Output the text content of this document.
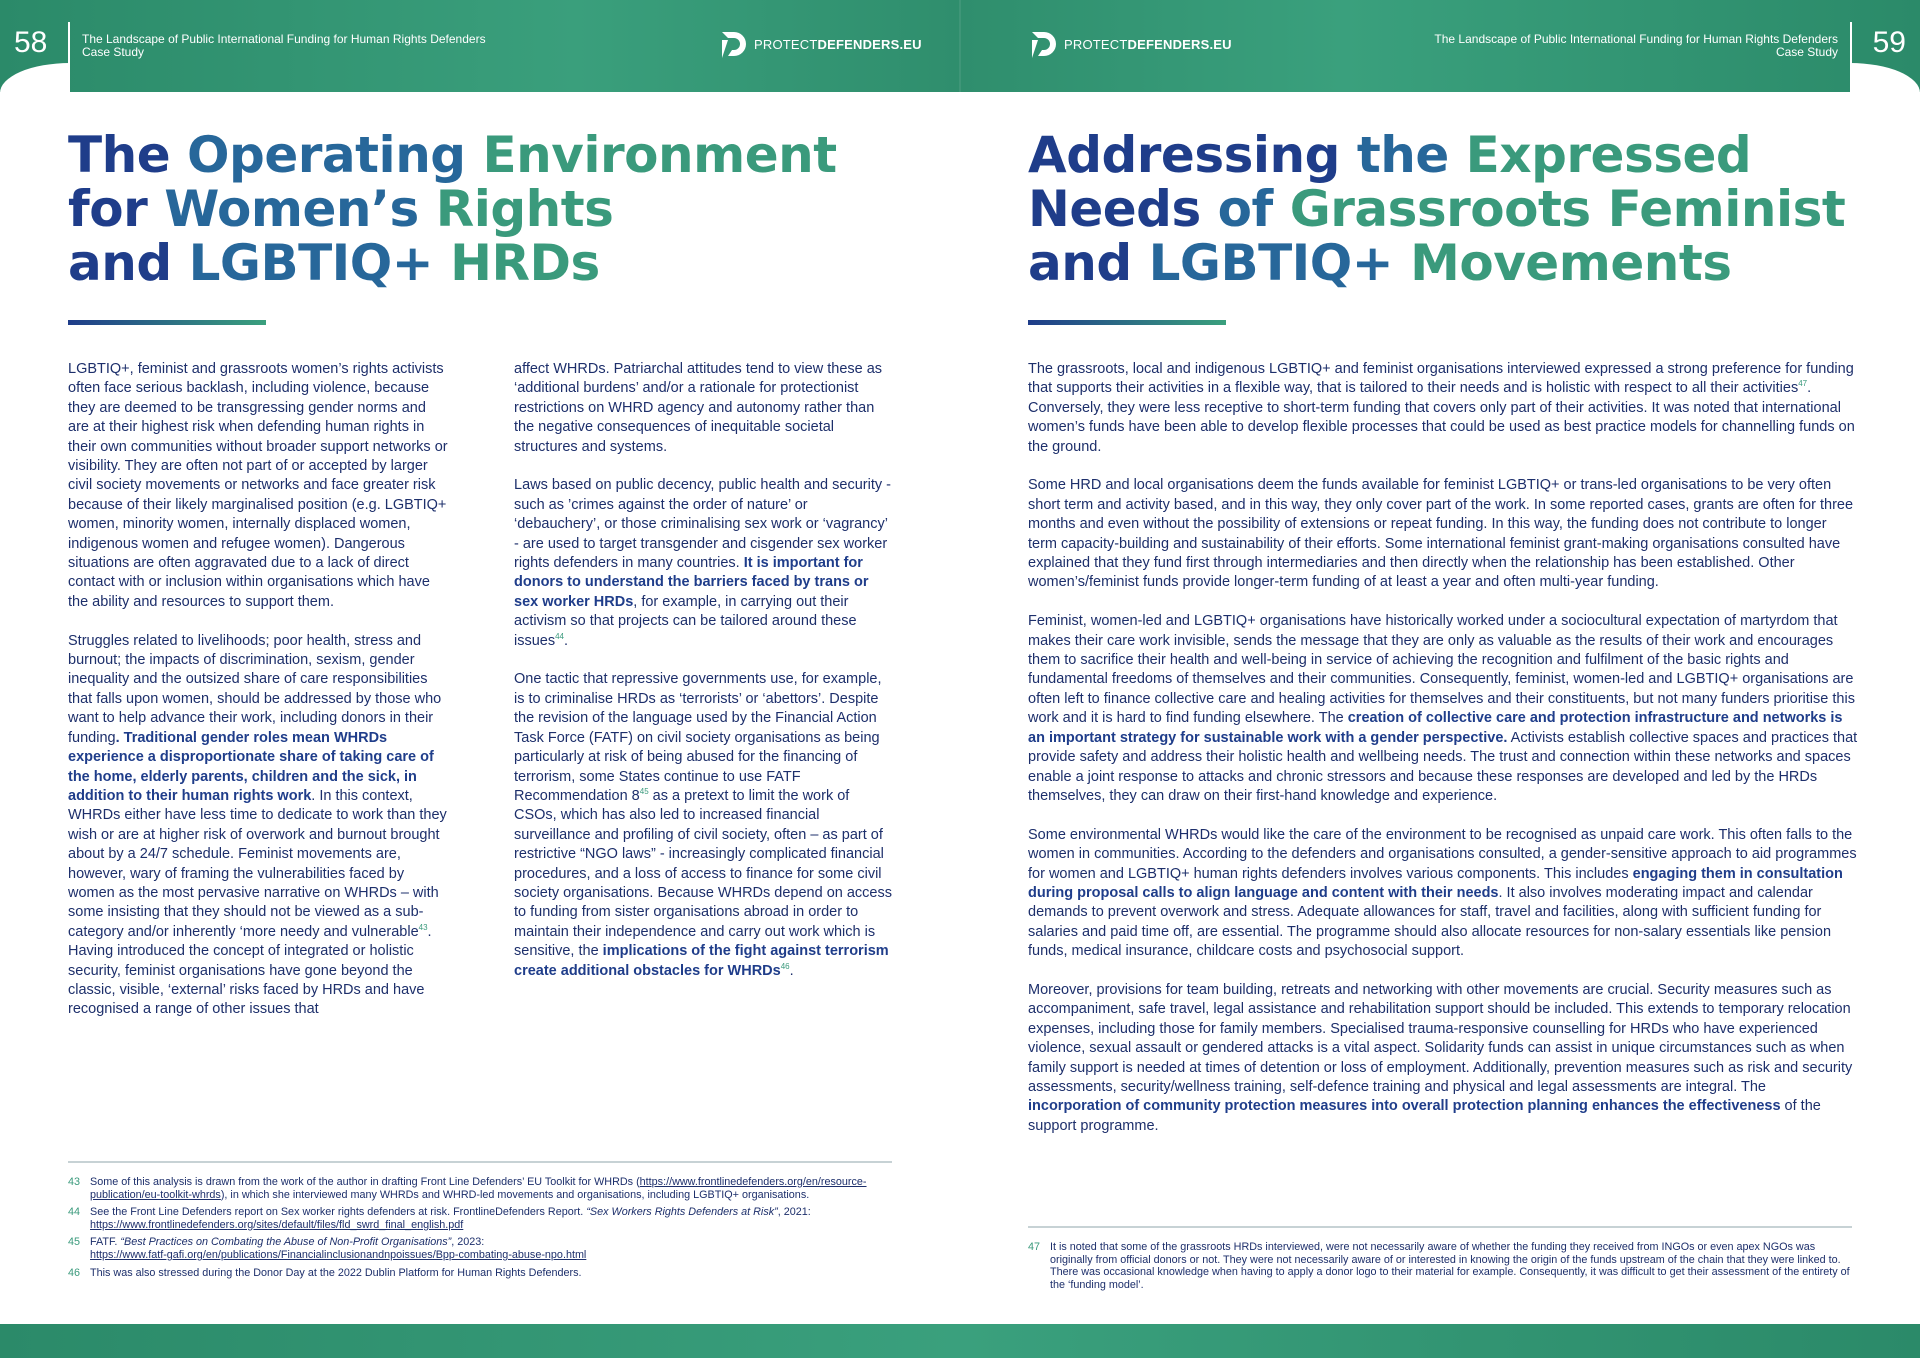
58	The Landscape of Public International Funding for Human Rights Defenders
Case Study
PROTECTDEFENDERS.EU	PROTECTDEFENDERS.EU	The Landscape of Public International Funding for Human Rights Defenders
Case Study 59
The Operating Environment
for Women’s Rights
and LGBTIQ+ HRDs
Addressing the Expressed
Needs of Grassroots Feminist
and LGBTIQ+ Movements

LGBTIQ+, feminist and grassroots women’s rights activists often face serious backlash, including violence, because they are deemed to be transgressing gender norms and are at their highest risk when defending human rights in their own communities without broader support networks or visibility. They are often not part of or accepted by larger civil society movements or networks and face greater risk because of their likely marginalised position (e.g. LGBTIQ+ women, minority women, internally displaced women, indigenous women and refugee women). Dangerous situations are often aggravated due to a lack of direct contact with or inclusion within organisations which have the ability and resources to support them.

Struggles related to livelihoods; poor health, stress and burnout; the impacts of discrimination, sexism, gender inequality and the outsized share of care responsibilities that falls upon women, should be addressed by those who want to help advance their work, including donors in their funding. Traditional gender roles mean WHRDs experience a disproportionate share of taking care of the home, elderly parents, children and the sick, in addition to their human rights work. In this context, WHRDs either have less time to dedicate to work than they wish or are at higher risk of overwork and burnout brought about by a 24/7 schedule. Feminist movements are, however, wary of framing the vulnerabilities faced by women as the most pervasive narrative on WHRDs – with some insisting that they should not be viewed as a sub-category and/or inherently ‘more needy and vulnerable$^{43}$. Having introduced the concept of integrated or holistic security, feminist organisations have gone beyond the classic, visible, ‘external’ risks faced by HRDs and have recognised a range of other issues that

affect WHRDs. Patriarchal attitudes tend to view these as ‘additional burdens’ and/or a rationale for protectionist restrictions on WHRD agency and autonomy rather than the negative consequences of inequitable societal structures and systems.

Laws based on public decency, public health and security - such as ’crimes against the order of nature’ or ‘debauchery’, or those criminalising sex work or ‘vagrancy’ - are used to target transgender and cisgender sex worker rights defenders in many countries. It is important for donors to understand the barriers faced by trans or sex worker HRDs, for example, in carrying out their activism so that projects can be tailored around these issues$^{44}$.

One tactic that repressive governments use, for example, is to criminalise HRDs as ‘terrorists’ or ‘abettors’. Despite the revision of the language used by the Financial Action Task Force (FATF) on civil society organisations as being particularly at risk of being abused for the financing of terrorism, some States continue to use FATF Recommendation $8^{45}$ as a pretext to limit the work of CSOs, which has also led to increased financial surveillance and profiling of civil society, often – as part of restrictive “NGO laws” - increasingly complicated financial procedures, and a loss of access to finance for some civil society organisations. Because WHRDs depend on access to funding from sister organisations abroad in order to maintain their independence and carry out work which is sensitive, the implications of the fight against terrorism create additional obstacles for WHRDs$^{46}$.

The grassroots, local and indigenous LGBTIQ+ and feminist organisations interviewed expressed a strong preference for funding that supports their activities in a flexible way, that is tailored to their needs and is holistic with respect to all their activities$^{47}$. Conversely, they were less receptive to short-term funding that covers only part of their activities. It was noted that international women’s funds have been able to develop flexible processes that could be used as best practice models for channelling funds on the ground.

Some HRD and local organisations deem the funds available for feminist LGBTIQ+ or trans-led organisations to be very often short term and activity based, and in this way, they only cover part of the work. In some reported cases, grants are often for three months and even without the possibility of extensions or repeat funding. In this way, the funding does not contribute to longer term capacity-building and sustainability of their efforts. Some international feminist grant-making organisations consulted have explained that they fund first through intermediaries and then directly when the relationship has been established. Other women’s/feminist funds provide longer-term funding of at least a year and often multi-year funding.

Feminist, women-led and LGBTIQ+ organisations have historically worked under a sociocultural expectation of martyrdom that makes their care work invisible, sends the message that they are only as valuable as the results of their work and encourages them to sacrifice their health and well-being in service of achieving the recognition and fulfilment of the basic rights and fundamental freedoms of themselves and their communities. Consequently, feminist, women-led and LGBTIQ+ organisations are often left to finance collective care and healing activities for themselves and their constituents, but not many funders prioritise this work and it is hard to find funding elsewhere. The creation of collective care and protection infrastructure and networks is an important strategy for sustainable work with a gender perspective. Activists establish collective spaces and practices that provide safety and address their holistic health and wellbeing needs. The trust and connection within these networks and spaces enable a joint response to attacks and chronic stressors and because these responses are developed and led by the HRDs themselves, they can draw on their first-hand knowledge and experience.

Some environmental WHRDs would like the care of the environment to be recognised as unpaid care work. This often falls to the women in communities. According to the defenders and organisations consulted, a gender-sensitive approach to aid programmes for women and LGBTIQ+ human rights defenders involves various components. This includes engaging them in consultation during proposal calls to align language and content with their needs. It also involves moderating impact and calendar demands to prevent overwork and stress. Adequate allowances for staff, travel and facilities, along with sufficient funding for salaries and paid time off, are essential. The programme should also allocate resources for non-salary essentials like pension funds, medical insurance, childcare costs and psychosocial support.

Moreover, provisions for team building, retreats and networking with other movements are crucial. Security measures such as accompaniment, safe travel, legal assistance and rehabilitation support should be included. This extends to temporary relocation expenses, including those for family members. Specialised trauma-responsive counselling for HRDs who have experienced violence, sexual assault or gendered attacks is a vital aspect. Solidarity funds can assist in unique circumstances such as when family support is needed at times of detention or loss of employment. Additionally, prevention measures such as risk and security assessments, security/wellness training, self-defence training and physical and legal assessments are integral. The incorporation of community protection measures into overall protection planning enhances the effectiveness of the support programme.

43 Some of this analysis is drawn from the work of the author in drafting Front Line Defenders’ EU Toolkit for WHRDs (https://www.frontlinedefenders.org/en/resource-publication/eu-toolkit-whrds), in which she interviewed many WHRDs and WHRD-led movements and organisations, including LGBTIQ+ organisations.
44 See the Front Line Defenders report on Sex worker rights defenders at risk. FrontlineDefenders Report. “Sex Workers Rights Defenders at Risk”, 2021: https://www.frontlinedefenders.org/sites/default/files/fld_swrd_final_english.pdf
45 FATF. “Best Practices on Combating the Abuse of Non-Profit Organisations”, 2023:
https://www.fatf-gafi.org/en/publications/Financialinclusionandnpoissues/Bpp-combating-abuse-npo.html
46 This was also stressed during the Donor Day at the 2022 Dublin Platform for Human Rights Defenders.
47 It is noted that some of the grassroots HRDs interviewed, were not necessarily aware of whether the funding they received from INGOs or even apex NGOs was originally from official donors or not. They were not necessarily aware of or interested in knowing the origin of the funds upstream of the chain that they were linked to. There was occasional knowledge when having to apply a donor logo to their material for example. Consequently, it was difficult to get their assessment of the entirety of the ‘funding model’.
